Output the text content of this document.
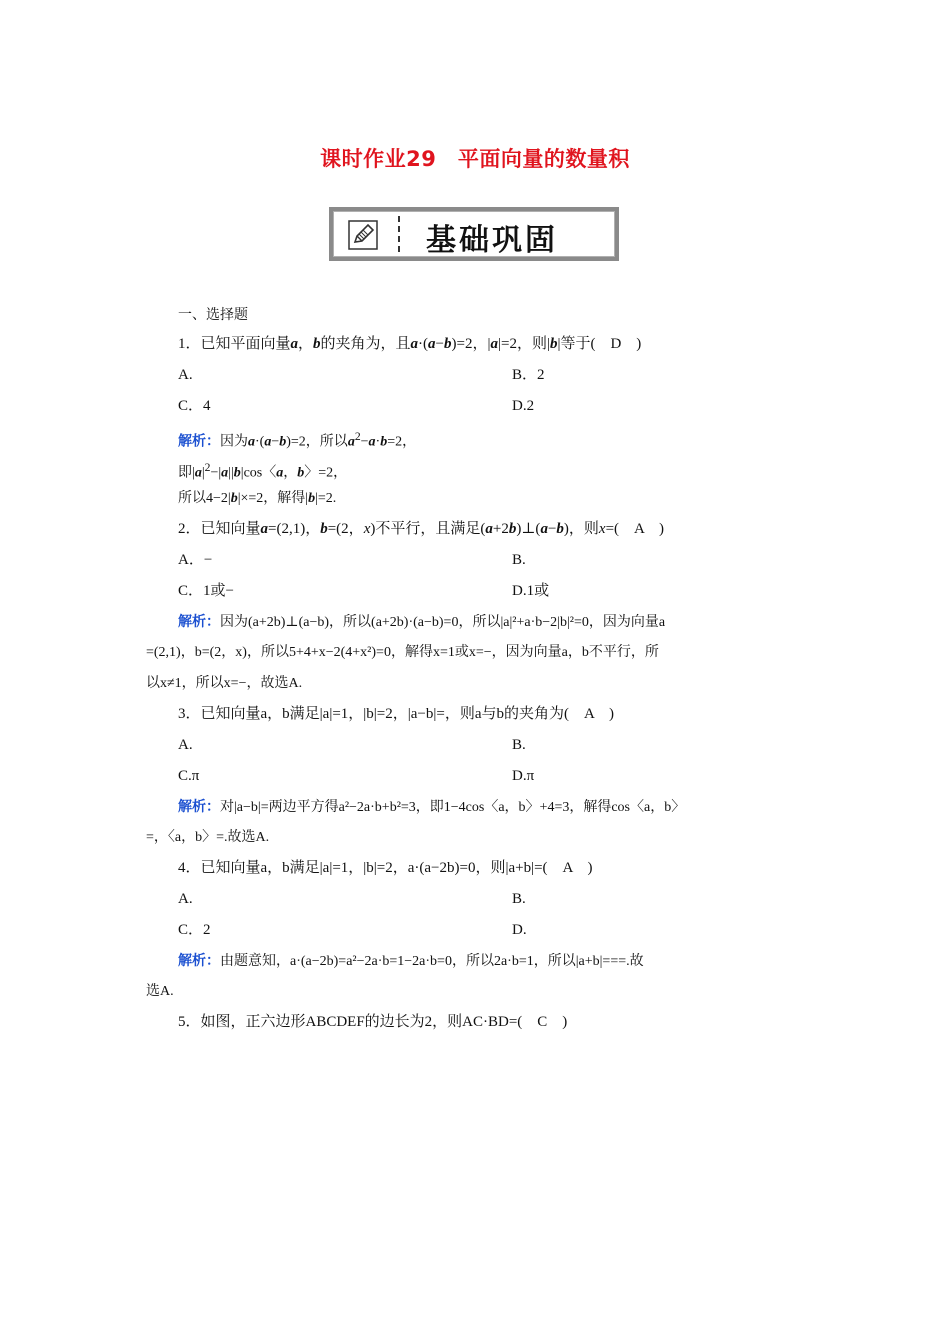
课时作业29　平面向量的数量积
基础巩固
一、选择题
1．已知平面向量a，b的夹角为，且a·(a−b)=2，|a|=2，则|b|等于(　D　)
A.	B．2
C．4	D.2
解析：因为a·(a−b)=2，所以$a^2-a\cdot b=2$，
即$|a|^2-|a||b|\cos$〈a，b〉=2，
所以4−2|b|×=2，解得|b|=2.
2．已知向量a=(2,1)，b=(2，x)不平行，且满足(a+2b)⊥(a−b)，则x=(　A　)
A．−	B.
C．1或−	D.1或
解析：因为(a+2b)⊥(a−b)，所以(a+2b)·(a−b)=0，所以|a|²+a·b−2|b|²=0，因为向量a
=(2,1)，b=(2，x)，所以5+4+x−2(4+x²)=0，解得x=1或x=−，因为向量a，b不平行，所
以x≠1，所以x=−，故选A.
3．已知向量a，b满足|a|=1，|b|=2，|a−b|=，则a与b的夹角为(　A　)
A.	B.
C.π	D.π
解析：对|a−b|=两边平方得a²−2a·b+b²=3，即1−4cos〈a，b〉+4=3，解得cos〈a，b〉
=，〈a，b〉=.故选A.
4．已知向量a，b满足|a|=1，|b|=2，a·(a−2b)=0，则|a+b|=(　A　)
A.	B.
C．2	D.
解析：由题意知，a·(a−2b)=a²−2a·b=1−2a·b=0，所以2a·b=1，所以|a+b|===.故
选A.
5．如图，正六边形ABCDEF的边长为2，则AC·BD=(　C　)
